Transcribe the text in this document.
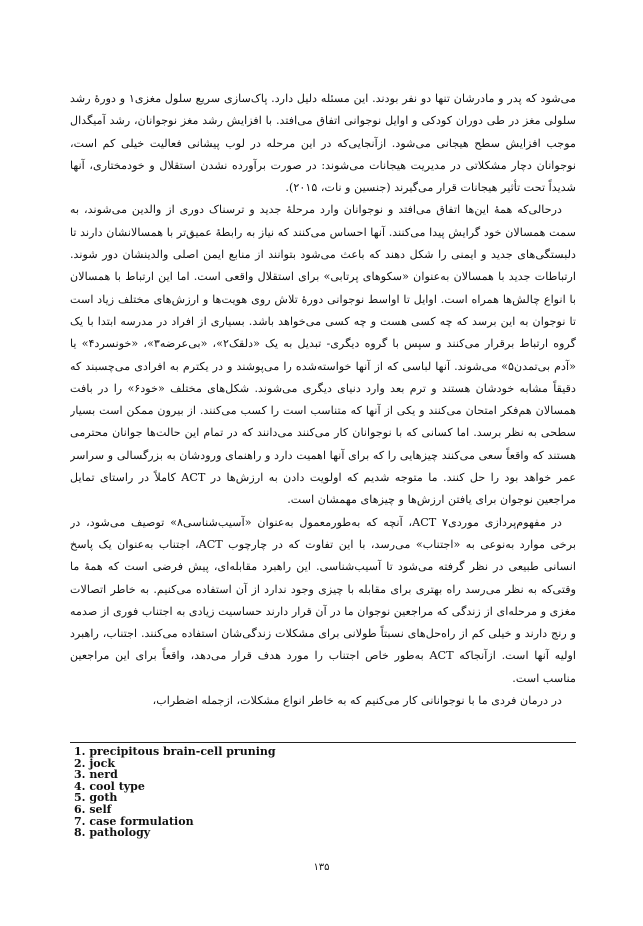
می‌شود که پدر و مادرشان تنها دو نفر بودند. این مسئله دلیل دارد. پاک‌سازی سریع سلول مغزی۱ و دورهٔ رشد سلولی مغز در طی دوران کودکی و اوایل نوجوانی اتفاق می‌افتد. با افزایش رشد مغز نوجوانان، رشد آمیگدال موجب افزایش سطح هیجانی می‌شود. ازآنجایی‌که در این مرحله در لوب پیشانی فعالیت خیلی کم است، نوجوانان دچار مشکلاتی در مدیریت هیجانات می‌شوند: در صورت برآورده نشدن استقلال و خودمختاری، آنها شدیداً تحت تأثیر هیجانات قرار می‌گیرند (جنسین و نات، ۲۰۱۵).

درحالی‌که همهٔ این‌ها اتفاق می‌افتد و نوجوانان وارد مرحلهٔ جدید و ترسناک دوری از والدین می‌شوند، به سمت همسالان خود گرایش پیدا می‌کنند. آنها احساس می‌کنند که نیاز به رابطهٔ عمیق‌تر با همسالانشان دارند تا دلبستگی‌های جدید و ایمنی را شکل دهند که باعث می‌شود بتوانند از منابع ایمن اصلی والدینشان دور شوند. ارتباطات جدید با همسالان به‌عنوان «سکوهای پرتابی» برای استقلال واقعی است. اما این ارتباط با همسالان با انواع چالش‌ها همراه است. اوایل تا اواسط نوجوانی دورهٔ تلاش روی هویت‌ها و ارزش‌های مختلف زیاد است تا نوجوان به این برسد که چه کسی هست و چه کسی می‌خواهد باشد. بسیاری از افراد در مدرسه ابتدا با یک گروه ارتباط برقرار می‌کنند و سپس با گروه دیگری- تبدیل به یک «دلقک۲»، «بی‌عرضه۳»، «خونسرد۴» یا «آدم بی‌تمدن۵» می‌شوند. آنها لباسی که از آنها خواسته‌شده را می‌پوشند و در یکترم به افرادی می‌چسبند که دقیقاً مشابه خودشان هستند و ترم بعد وارد دنیای دیگری می‌شوند. شکل‌های مختلف «خود۶» را در بافت همسالان هم‌فکر امتحان می‌کنند و یکی از آنها که متناسب است را کسب می‌کنند. از بیرون ممکن است بسیار سطحی به نظر برسد. اما کسانی که با نوجوانان کار می‌کنند می‌دانند که در تمام این حالت‌ها جوانان محترمی هستند که واقعاً سعی می‌کنند چیزهایی را که برای آنها اهمیت دارد و راهنمای ورودشان به بزرگسالی و سراسر عمر خواهد بود را حل کنند. ما متوجه شدیم که اولویت دادن به ارزش‌ها در ACT کاملاً در راستای تمایل مراجعین نوجوان برای یافتن ارزش‌ها و چیزهای مهمشان است.

در مفهوم‌پردازی موردی۷ ACT، آنچه که به‌طورمعمول به‌عنوان «آسیب‌شناسی۸» توصیف می‌شود، در برخی موارد به‌نوعی به «اجتناب» می‌رسد، با این تفاوت که در چارچوب ACT، اجتناب به‌عنوان یک پاسخ انسانی طبیعی در نظر گرفته می‌شود تا آسیب‌شناسی. این راهبرد مقابله‌ای، پیش فرضی است که همهٔ ما وقتی‌که به نظر می‌رسد راه بهتری برای مقابله با چیزی وجود ندارد از آن استفاده می‌کنیم. به خاطر اتصالات مغزی و مرحله‌ای از زندگی که مراجعین نوجوان ما در آن قرار دارند حساسیت زیادی به اجتناب فوری از صدمه و رنج دارند و خیلی کم از راه‌حل‌های نسبتاً طولانی برای مشکلات زندگی‌شان استفاده می‌کنند. اجتناب، راهبرد اولیه آنها است. ازآنجاکه ACT به‌طور خاص اجتناب را مورد هدف قرار می‌دهد، واقعاً برای این مراجعین مناسب است.

در درمان فردی ما با نوجوانانی کار می‌کنیم که به خاطر انواع مشکلات، ازجمله اضطراب،

1. precipitous brain-cell pruning
2. jock
3. nerd
4. cool type
5. goth
6. self
7. case formulation
8. pathology
۱۳۵
